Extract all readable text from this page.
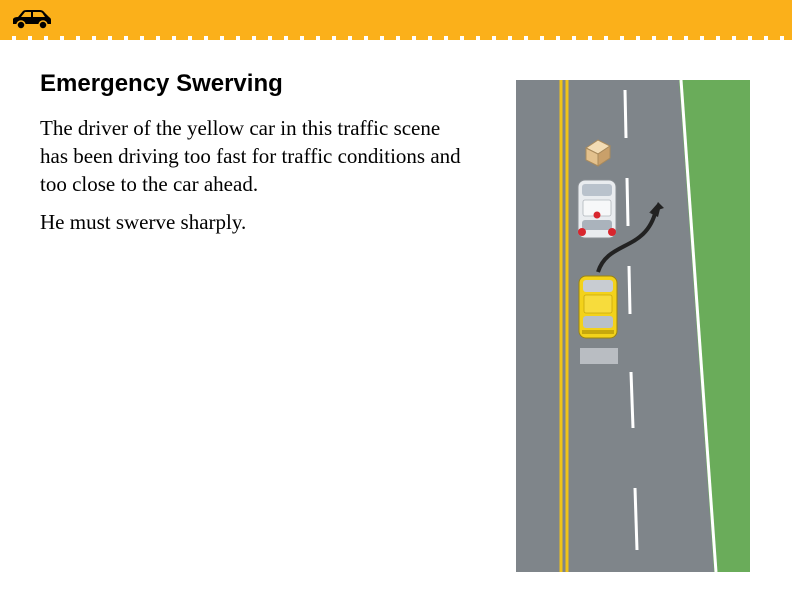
Emergency Swerving

The driver of the yellow car in this traffic scene has been driving too fast for traffic conditions and too close to the car ahead.

He must swerve sharply.
